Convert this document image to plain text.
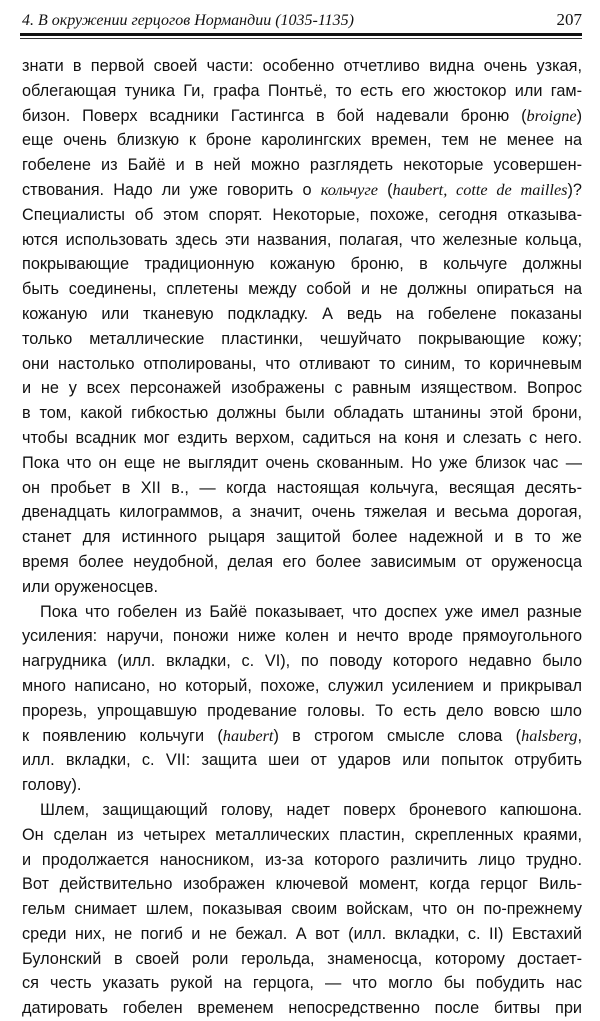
4. В окружении герцогов Нормандии (1035-1135)	207
знати в первой своей части: особенно отчетливо видна очень узкая,
облегающая туника Ги, графа Понтьё, то есть его жюстокор или гам-
бизон. Поверх всадники Гастингса в бой надевали броню (broigne)
еще очень близкую к броне каролингских времен, тем не менее на
гобелене из Байё и в ней можно разглядеть некоторые усовершен-
ствования. Надо ли уже говорить о кольчуге (haubert, cotte de mailles)?
Специалисты об этом спорят. Некоторые, похоже, сегодня отказыва-
ются использовать здесь эти названия, полагая, что железные кольца,
покрывающие традиционную кожаную броню, в кольчуге должны
быть соединены, сплетены между собой и не должны опираться на
кожаную или тканевую подкладку. А ведь на гобелене показаны
только металлические пластинки, чешуйчато покрывающие кожу;
они настолько отполированы, что отливают то синим, то коричневым
и не у всех персонажей изображены с равным изяществом. Вопрос
в том, какой гибкостью должны были обладать штанины этой брони,
чтобы всадник мог ездить верхом, садиться на коня и слезать с него.
Пока что он еще не выглядит очень скованным. Но уже близок час —
он пробьет в XII в., — когда настоящая кольчуга, весящая десять-
двенадцать килограммов, а значит, очень тяжелая и весьма дорогая,
станет для истинного рыцаря защитой более надежной и в то же
время более неудобной, делая его более зависимым от оруженосца
или оруженосцев.
Пока что гобелен из Байё показывает, что доспех уже имел разные
усиления: наручи, поножи ниже колен и нечто вроде прямоугольного
нагрудника (илл. вкладки, с. VI), по поводу которого недавно было
много написано, но который, похоже, служил усилением и прикрывал
прорезь, упрощавшую продевание головы. То есть дело вовсю шло
к появлению кольчуги (haubert) в строгом смысле слова (halsberg,
илл. вкладки, с. VII: защита шеи от ударов или попыток отрубить
голову).
Шлем, защищающий голову, надет поверх броневого капюшона.
Он сделан из четырех металлических пластин, скрепленных краями,
и продолжается наносником, из-за которого различить лицо трудно.
Вот действительно изображен ключевой момент, когда герцог Виль-
гельм снимает шлем, показывая своим войскам, что он по-прежнему
среди них, не погиб и не бежал. А вот (илл. вкладки, с. II) Евстахий
Булонский в своей роли герольда, знаменосца, которому достает-
ся честь указать рукой на герцога, — что могло бы побудить нас
датировать гобелен временем непосредственно после битвы при
